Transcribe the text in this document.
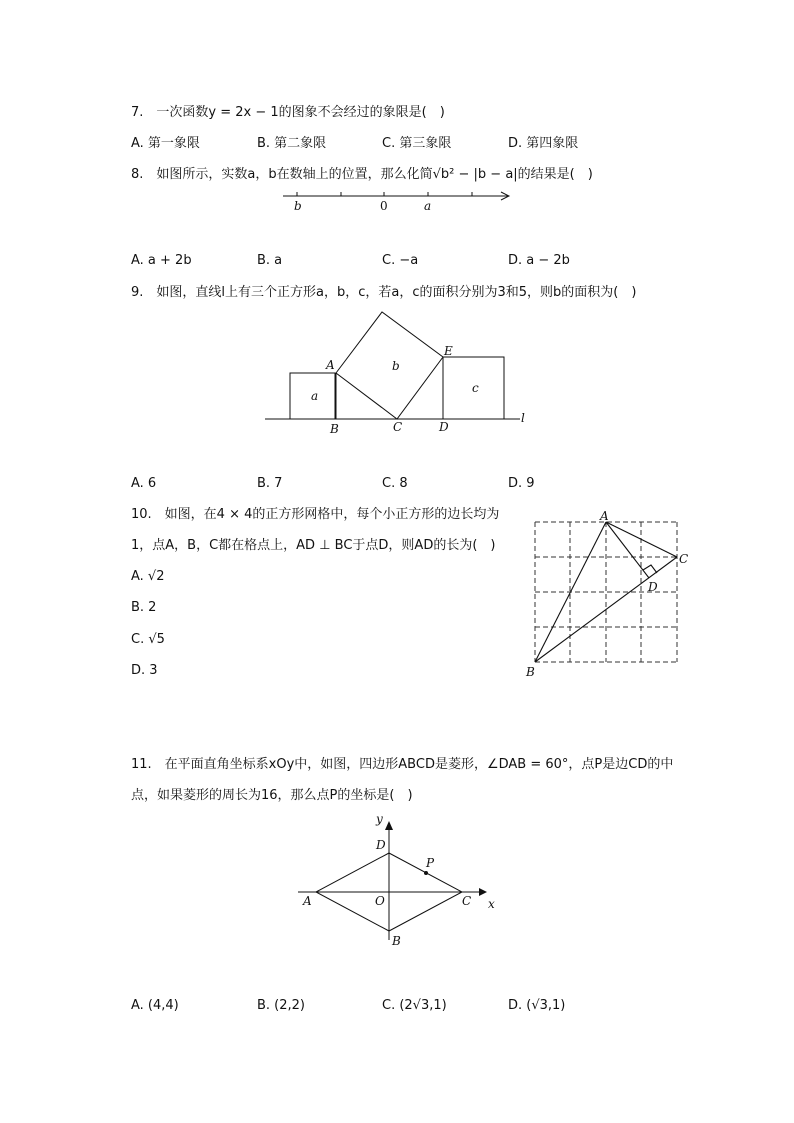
7.　一次函数y = 2x − 1的图象不会经过的象限是(　)
A. 第一象限	B. 第二象限	C. 第三象限	D. 第四象限
8.　如图所示，实数a，b在数轴上的位置，那么化简√b² − |b − a|的结果是(　)
b	0	a
A. a + 2b	B. a	C. −a	D. a − 2b
9.　如图，直线l上有三个正方形a，b，c，若a，c的面积分别为3和5，则b的面积为(　)
a
b
c
A
B	C	D
E
l
A. 6	B. 7	C. 8	D. 9
10.　如图，在4 × 4的正方形网格中，每个小正方形的边长均为
1，点A，B，C都在格点上，AD ⊥ BC于点D，则AD的长为(　)
A. √2
B. 2
C. √5
D. 3
A
B
C
D
11.　在平面直角坐标系xOy中，如图，四边形ABCD是菱形，∠DAB = 60°，点P是边CD的中
点，如果菱形的周长为16，那么点P的坐标是(　)
y
x
O
A
B
C
D
P
A. (4,4)	B. (2,2)	C. (2√3,1)	D. (√3,1)
